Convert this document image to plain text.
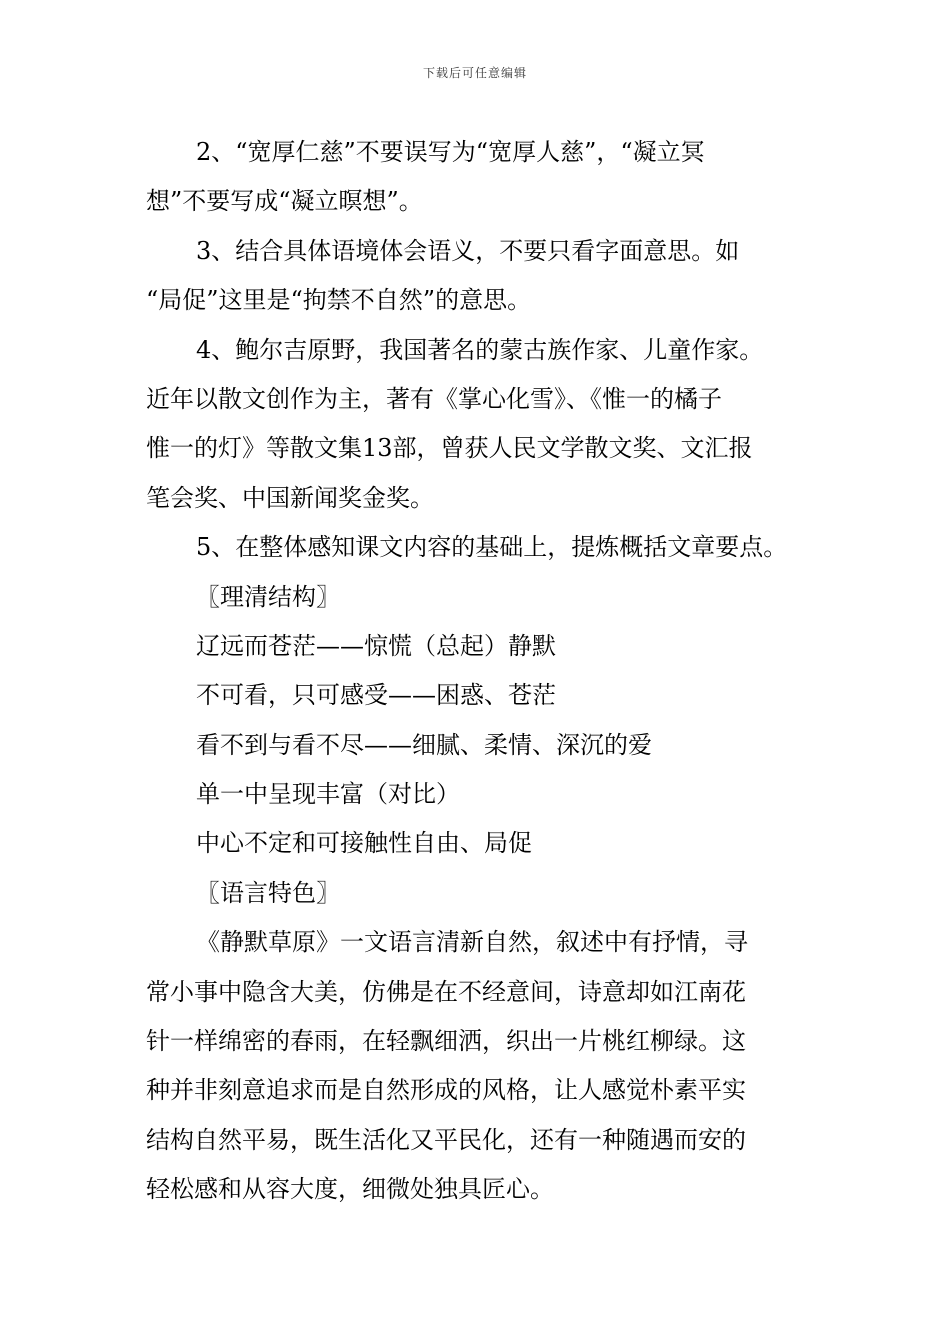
下载后可任意编辑
2、“宽厚仁慈”不要误写为“宽厚人慈”，“凝立冥
想”不要写成“凝立暝想”。
3、结合具体语境体会语义，不要只看字面意思。如
“局促”这里是“拘禁不自然”的意思。
4、鲍尔吉原野，我国著名的蒙古族作家、儿童作家。
近年以散文创作为主，著有《掌心化雪》、《惟一的橘子
惟一的灯》等散文集13部，曾获人民文学散文奖、文汇报
笔会奖、中国新闻奖金奖。
5、在整体感知课文内容的基础上，提炼概括文章要点。
〖理清结构〗
辽远而苍茫——惊慌（总起）静默
不可看，只可感受——困惑、苍茫
看不到与看不尽——细腻、柔情、深沉的爱
单一中呈现丰富（对比）
中心不定和可接触性自由、局促
〖语言特色〗
《静默草原》一文语言清新自然，叙述中有抒情，寻
常小事中隐含大美，仿佛是在不经意间，诗意却如江南花
针一样绵密的春雨，在轻飘细洒，织出一片桃红柳绿。这
种并非刻意追求而是自然形成的风格，让人感觉朴素平实
结构自然平易，既生活化又平民化，还有一种随遇而安的
轻松感和从容大度，细微处独具匠心。
